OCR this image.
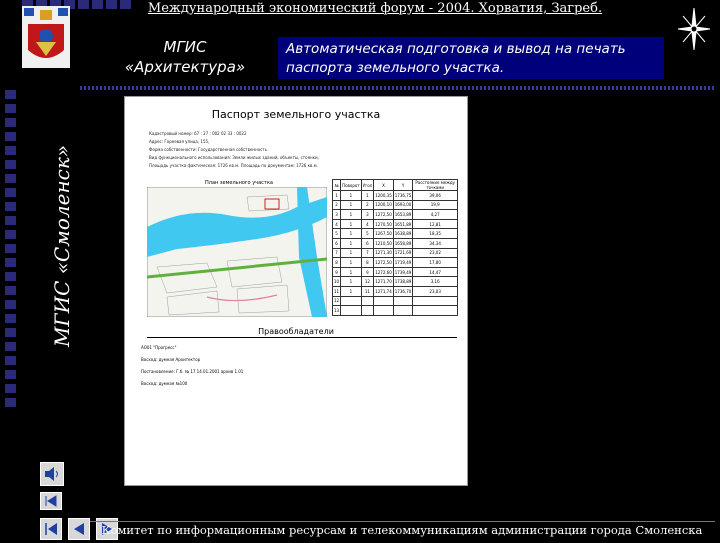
Международный экономический форум - 2004. Хорватия, Загреб.
МГИС
«Архитектура»
Автоматическая подготовка и вывод на печать паспорта земельного участка.
МГИС «Смоленск»
Паспорт земельного участка
Кадастровый номер: 67 : 27 : 002 02 33 : 0022
Адрес: Гореевая улица, 155,
Форма собственности: Государственная собственность
Вид функционального использования: Земли жилых зданий, объекты, стоянки,
Площадь участка фактическая: 1726 кв.м. Площадь по документам: 1726 кв.м.
План земельного участка	№	Поворот	Угол	X	Y	Расстояние между точками
1	1	1	1200,35	1736,75	39,06
2	1	2	1200,10	1693,00	19,9
3	1	3	1272,50	1653,89	4,27
4	1	4	1270,50	1651,89	12,81
5	1	5	1267,50	1638,89	18,35
6	1	6	1210,50	1658,89	34,34
7	1	7	1271,30	1721,69	23,02
8	1	8	1272,50	1719,49	17,80
9	1	9	1272,60	1739,49	14,47
10	1	12	1271,70	1738,89	3,16
11	1	11	1271,74	1736,70	23,03
12					
13					
Правообладатели
АО01 "Прогресс"
Восход: думная Архитектор
Постановление: Г.б. № 17 14.01.2001 архив 1.01
Восход: думная №100
Комитет по информационным ресурсам и телекоммуникациям администрации города Смоленска
